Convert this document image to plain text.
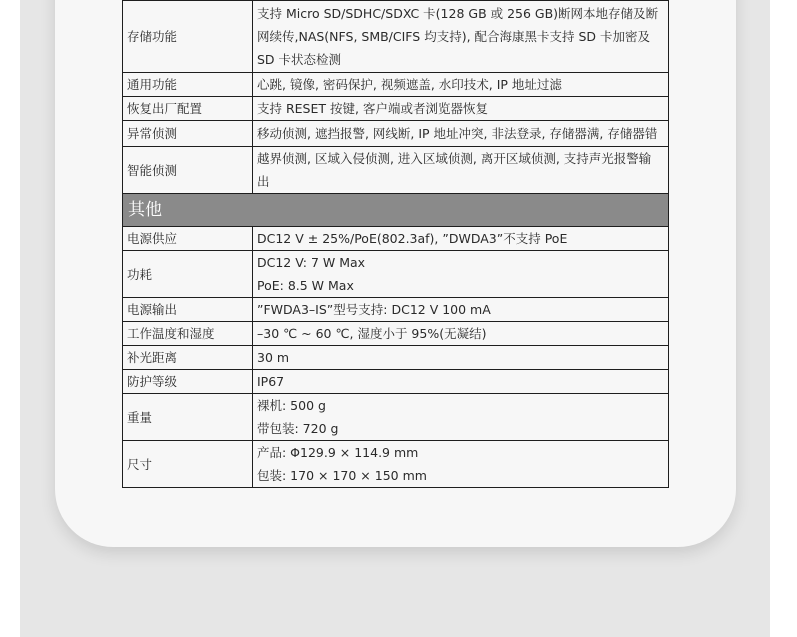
存储功能	支持 Micro SD/SDHC/SDXC 卡(128 GB 或 256 GB)断网本地存储及断
网续传,NAS(NFS, SMB/CIFS 均支持), 配合海康黑卡支持 SD 卡加密及
SD 卡状态检测

通用功能	心跳, 镜像, 密码保护, 视频遮盖, 水印技术, IP 地址过滤
恢复出厂配置	支持 RESET 按键, 客户端或者浏览器恢复
异常侦测	移动侦测, 遮挡报警, 网线断, IP 地址冲突, 非法登录, 存储器满, 存储器错
智能侦测	越界侦测, 区域入侵侦测, 进入区域侦测, 离开区域侦测, 支持声光报警输
出

其他	
电源供应	DC12 V ± 25%/PoE(802.3af), ”DWDA3”不支持 PoE
功耗	DC12 V: 7 W Max
PoE: 8.5 W Max

电源输出	”FWDA3–IS”型号支持: DC12 V 100 mA
工作温度和湿度	–30 ℃ ~ 60 ℃, 湿度小于 95%(无凝结)
补光距离	30 m
防护等级	IP67
重量	裸机: 500 g
带包装: 720 g

尺寸	产品: Φ129.9 × 114.9 mm
包装: 170 × 170 × 150 mm
